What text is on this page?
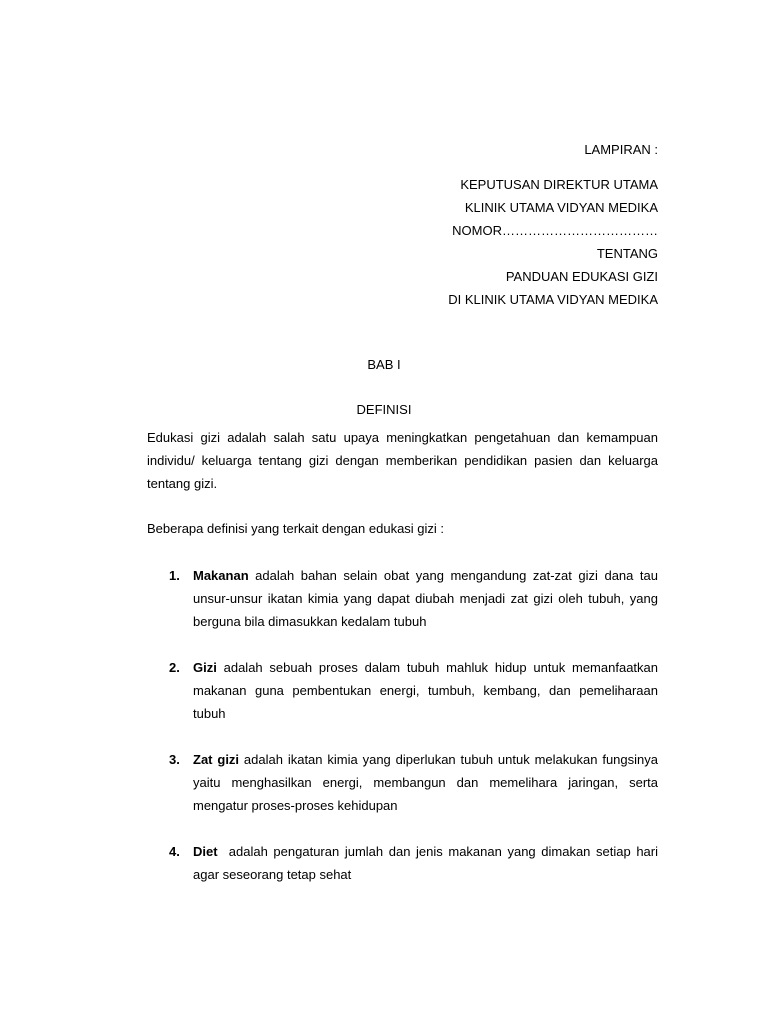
LAMPIRAN :
KEPUTUSAN DIREKTUR UTAMA
KLINIK UTAMA VIDYAN MEDIKA
NOMOR………………………………
TENTANG
PANDUAN EDUKASI GIZI
DI KLINIK UTAMA VIDYAN MEDIKA
BAB I
DEFINISI

Edukasi gizi adalah salah satu upaya meningkatkan pengetahuan dan kemampuan individu/ keluarga tentang gizi dengan memberikan pendidikan pasien dan keluarga tentang gizi.

Beberapa definisi yang terkait dengan edukasi gizi :

1. Makanan adalah bahan selain obat yang mengandung zat-zat gizi dana tau unsur-unsur ikatan kimia yang dapat diubah menjadi zat gizi oleh tubuh, yang berguna bila dimasukkan kedalam tubuh
2. Gizi adalah sebuah proses dalam tubuh mahluk hidup untuk memanfaatkan makanan guna pembentukan energi, tumbuh, kembang, dan pemeliharaan tubuh
3. Zat gizi adalah ikatan kimia yang diperlukan tubuh untuk melakukan fungsinya yaitu menghasilkan energi, membangun dan memelihara jaringan, serta mengatur proses-proses kehidupan
4. Diet  adalah pengaturan jumlah dan jenis makanan yang dimakan setiap hari agar seseorang tetap sehat
